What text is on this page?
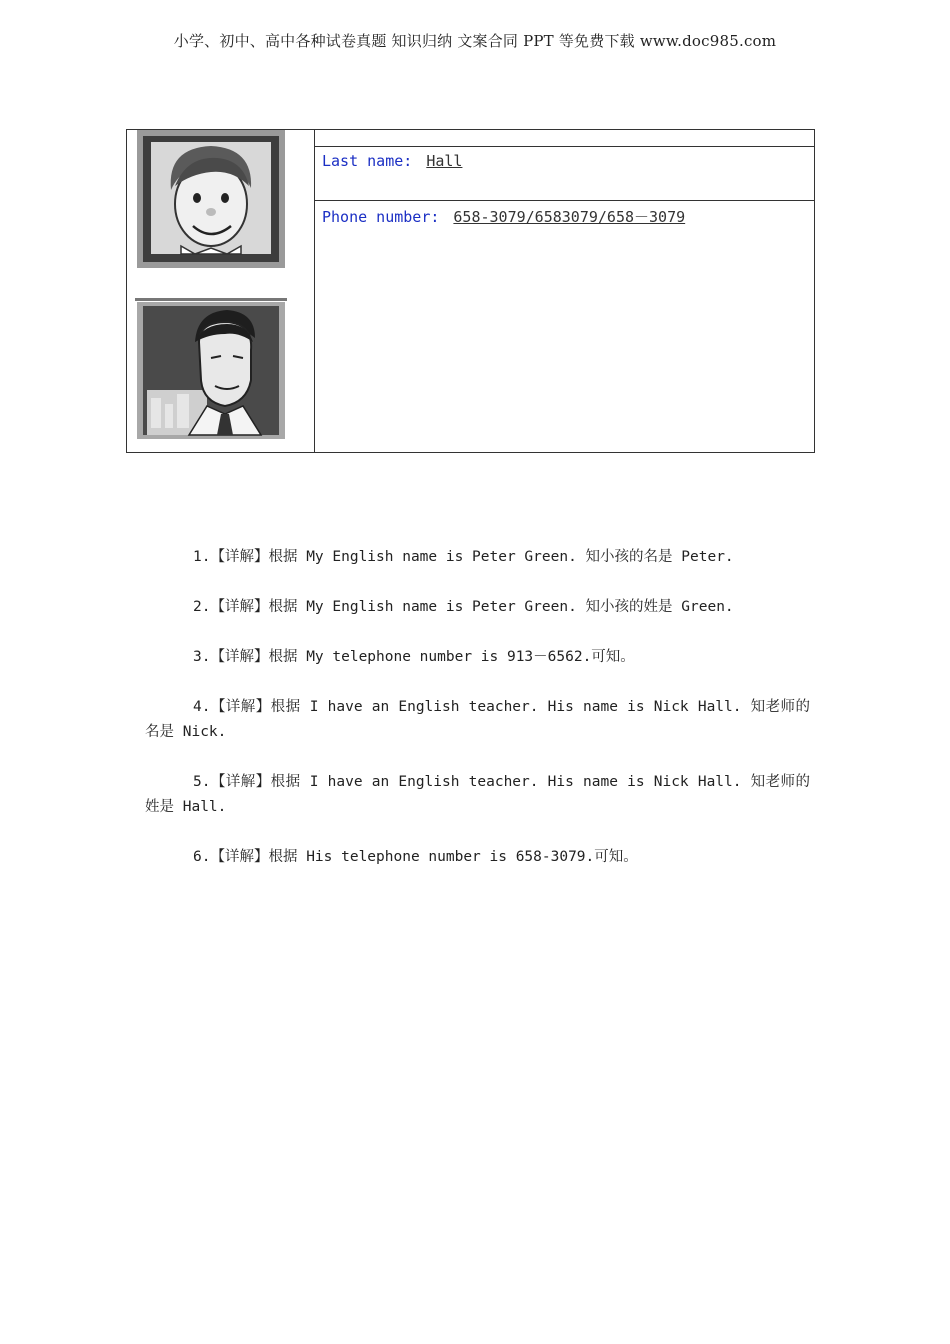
小学、初中、高中各种试卷真题 知识归纳 文案合同 PPT 等免费下载 www.doc985.com
Last name: Hall
Phone number: 658-3079/6583079/658－3079

1.【详解】根据 My English name is Peter Green. 知小孩的名是 Peter.

2.【详解】根据 My English name is Peter Green. 知小孩的姓是 Green.

3.【详解】根据 My telephone number is 913－6562.可知。

4.【详解】根据 I have an English teacher. His name is Nick Hall. 知老师的名是 Nick.

5.【详解】根据 I have an English teacher. His name is Nick Hall. 知老师的姓是 Hall.

6.【详解】根据 His telephone number is 658-3079.可知。
